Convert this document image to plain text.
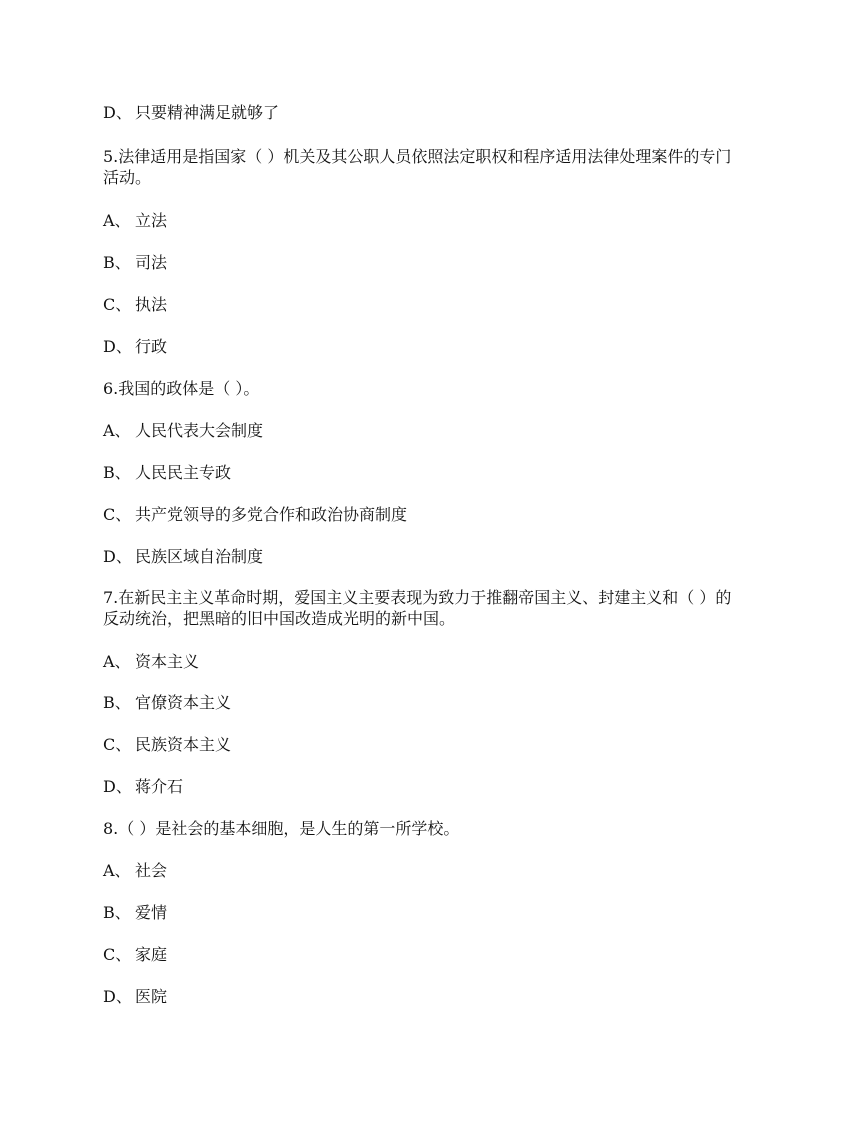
D、 只要精神满足就够了
5.法律适用是指国家（ ）机关及其公职人员依照法定职权和程序适用法律处理案件的专门
活动。
A、 立法
B、 司法
C、 执法
D、 行政
6.我国的政体是（ ）。
A、 人民代表大会制度
B、 人民民主专政
C、 共产党领导的多党合作和政治协商制度
D、 民族区域自治制度
7.在新民主主义革命时期，爱国主义主要表现为致力于推翻帝国主义、封建主义和（ ）的
反动统治，把黑暗的旧中国改造成光明的新中国。
A、 资本主义
B、 官僚资本主义
C、 民族资本主义
D、 蒋介石
8.（ ）是社会的基本细胞，是人生的第一所学校。
A、 社会
B、 爱情
C、 家庭
D、 医院
